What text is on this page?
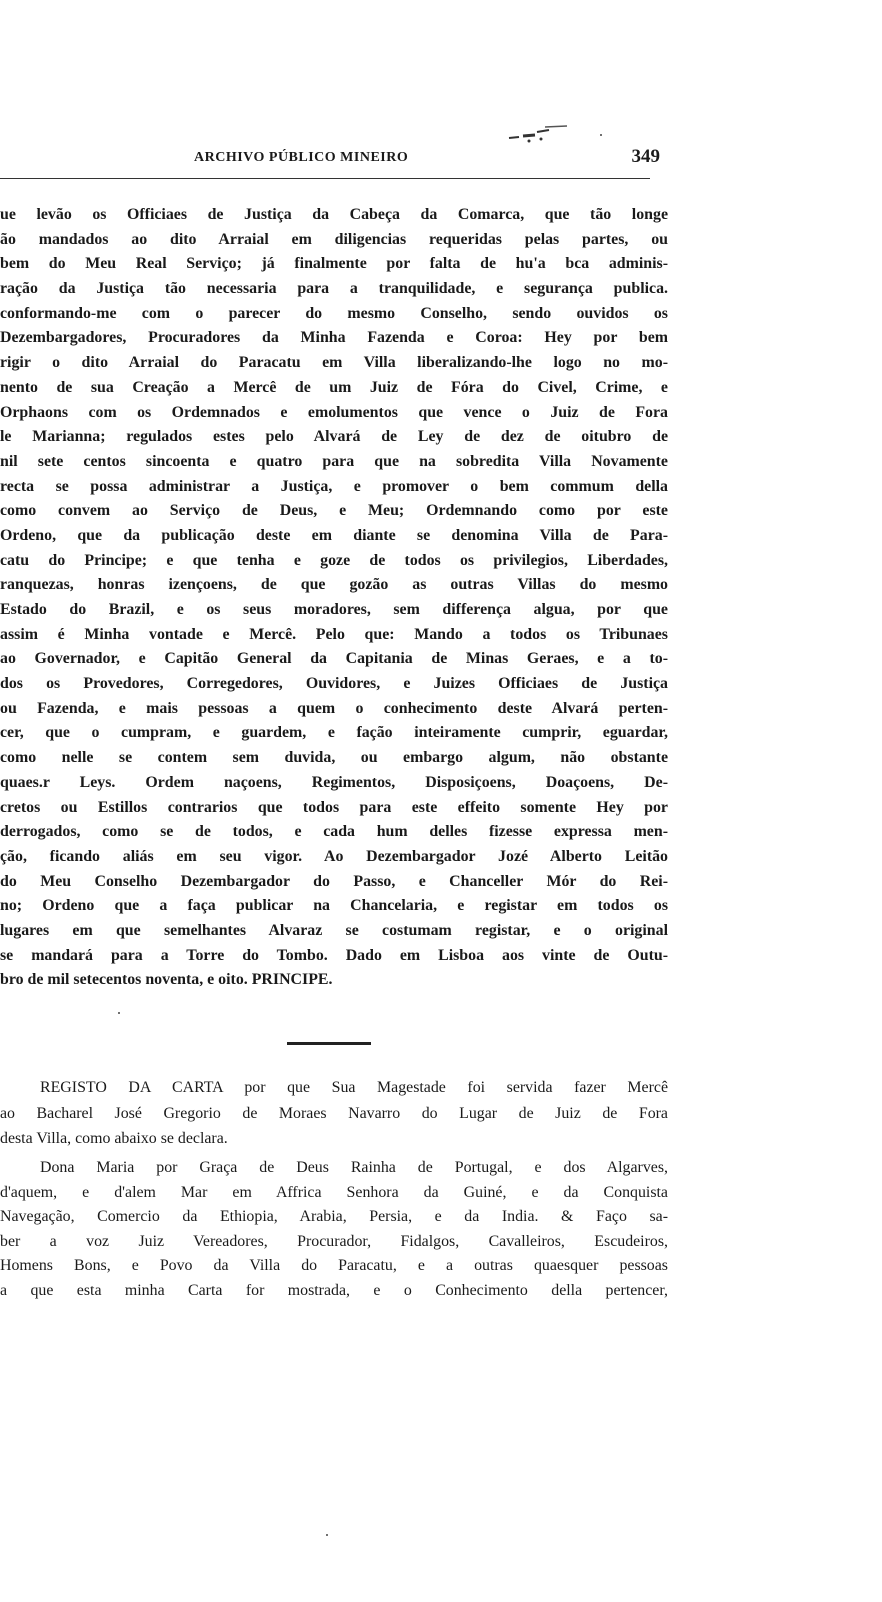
ARCHIVO PÚBLICO MINEIRO	349
ue levão os Officiaes de Justiça da Cabeça da Comarca, que tão longe
ão mandados ao dito Arraial em diligencias requeridas pelas partes, ou
bem do Meu Real Serviço; já finalmente por falta de hu'a bca adminis-
ração da Justiça tão necessaria para a tranquilidade, e segurança publica.
conformando-me com o parecer do mesmo Conselho, sendo ouvidos os
Dezembargadores, Procuradores da Minha Fazenda e Coroa: Hey por bem
rigir o dito Arraial do Paracatu em Villa liberalizando-lhe logo no mo-
nento de sua Creação a Mercê de um Juiz de Fóra do Civel, Crime, e
Orphaons com os Ordemnados e emolumentos que vence o Juiz de Fora
le Marianna; regulados estes pelo Alvará de Ley de dez de oitubro de
nil sete centos sincoenta e quatro para que na sobredita Villa Novamente
recta se possa administrar a Justiça, e promover o bem commum della
como convem ao Serviço de Deus, e Meu; Ordemnando como por este
Ordeno, que da publicação deste em diante se denomina Villa de Para-
catu do Principe; e que tenha e goze de todos os privilegios, Liberdades,
ranquezas, honras izençoens, de que gozão as outras Villas do mesmo
Estado do Brazil, e os seus moradores, sem differença algua, por que
assim é Minha vontade e Mercê. Pelo que: Mando a todos os Tribunaes
ao Governador, e Capitão General da Capitania de Minas Geraes, e a to-
dos os Provedores, Corregedores, Ouvidores, e Juizes Officiaes de Justiça
ou Fazenda, e mais pessoas a quem o conhecimento deste Alvará perten-
cer, que o cumpram, e guardem, e fação inteiramente cumprir, eguardar,
como nelle se contem sem duvida, ou embargo algum, não obstante
quaes.r Leys. Ordem naçoens, Regimentos, Disposiçoens, Doaçoens, De-
cretos ou Estillos contrarios que todos para este effeito somente Hey por
derrogados, como se de todos, e cada hum delles fizesse expressa men-
ção, ficando aliás em seu vigor. Ao Dezembargador Jozé Alberto Leitão
do Meu Conselho Dezembargador do Passo, e Chanceller Mór do Rei-
no; Ordeno que a faça publicar na Chancelaria, e registar em todos os
lugares em que semelhantes Alvaraz se costumam registar, e o original
se mandará para a Torre do Tombo. Dado em Lisboa aos vinte de Outu-
bro de mil setecentos noventa, e oito. PRINCIPE.
REGISTO DA CARTA por que Sua Magestade foi servida fazer Mercê
ao Bacharel José Gregorio de Moraes Navarro do Lugar de Juiz de Fora
desta Villa, como abaixo se declara.
Dona Maria por Graça de Deus Rainha de Portugal, e dos Algarves,
d'aquem, e d'alem Mar em Affrica Senhora da Guiné, e da Conquista
Navegação, Comercio da Ethiopia, Arabia, Persia, e da India. & Faço sa-
ber a voz Juiz Vereadores, Procurador, Fidalgos, Cavalleiros, Escudeiros,
Homens Bons, e Povo da Villa do Paracatu, e a outras quaesquer pessoas
a que esta minha Carta for mostrada, e o Conhecimento della pertencer,
